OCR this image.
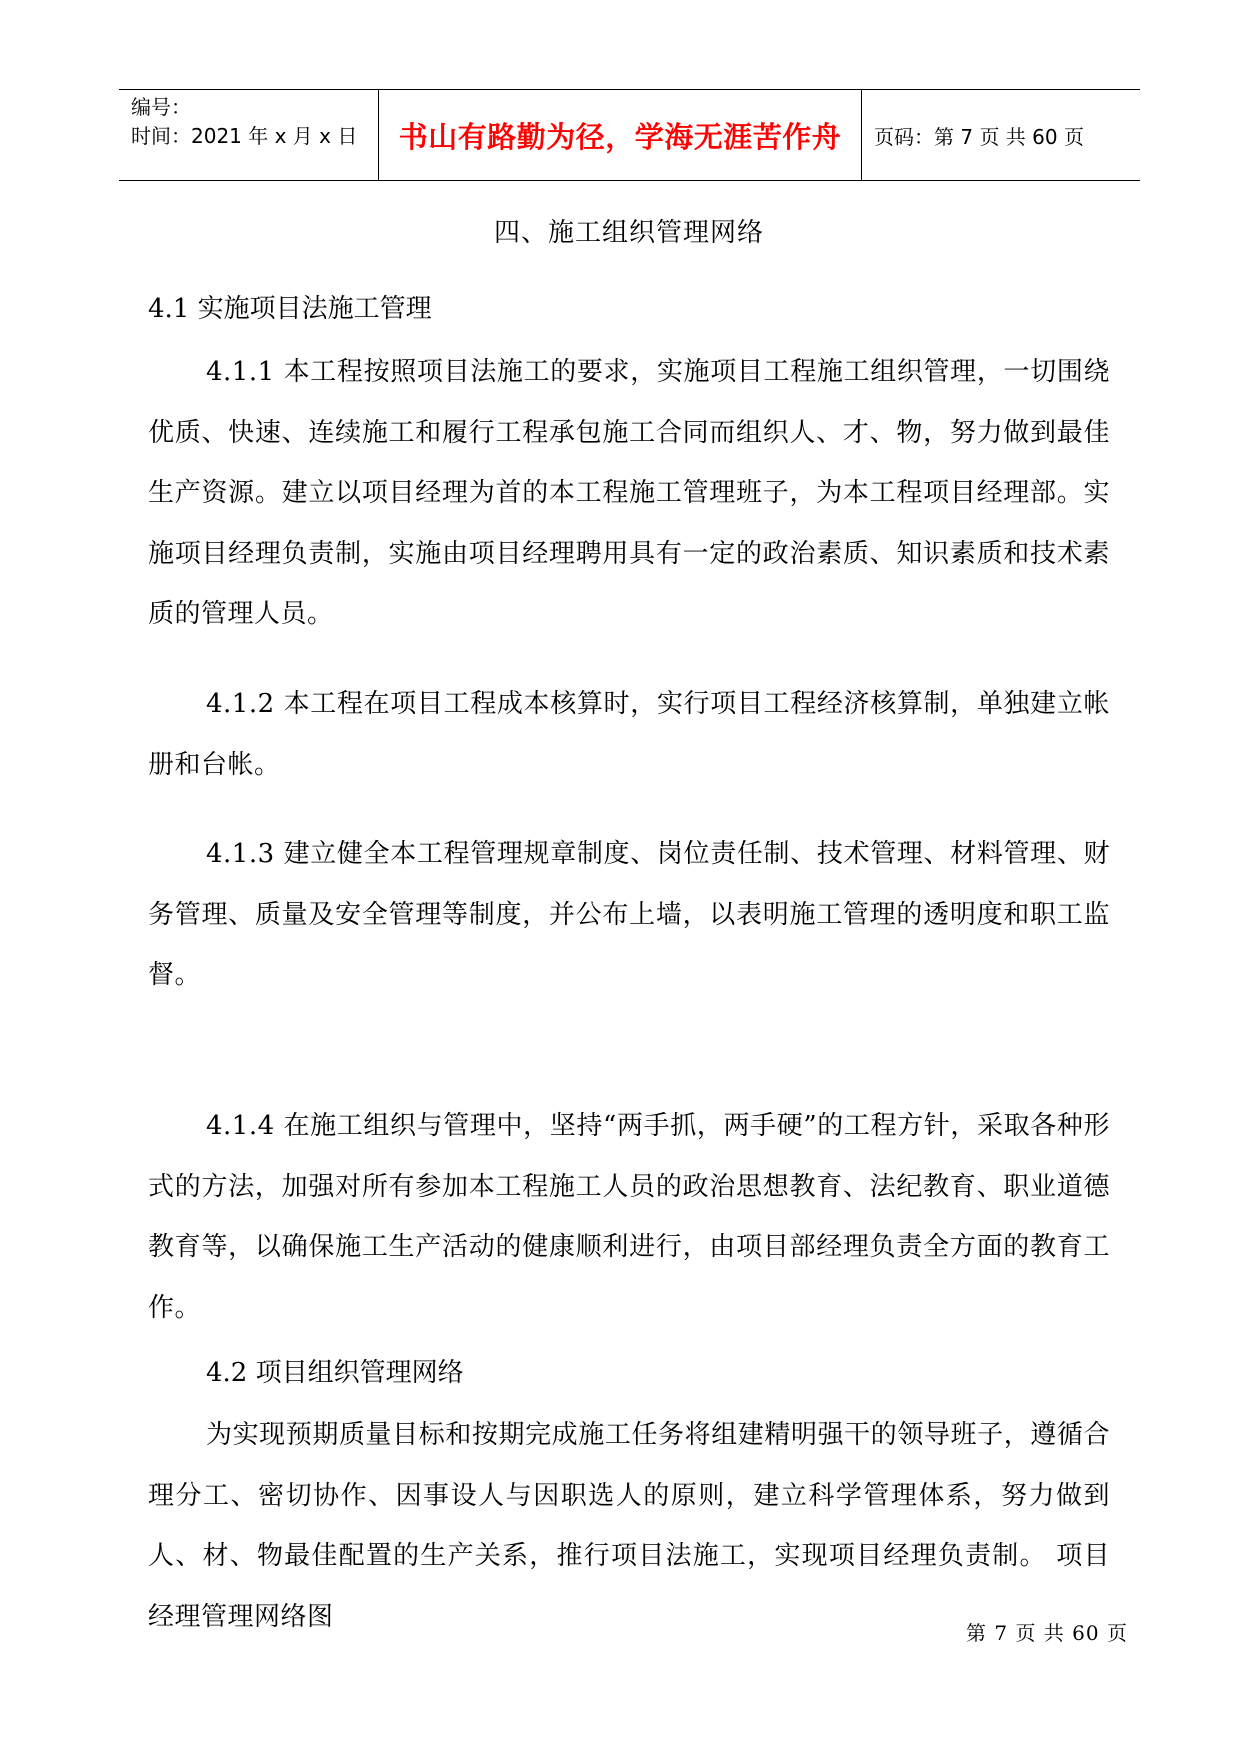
编号：
时间：2021 年 x 月 x 日 书山有路勤为径，学海无涯苦作舟 页码：第 7 页 共 60 页
四、施工组织管理网络
4.1 实施项目法施工管理
4.1.1 本工程按照项目法施工的要求，实施项目工程施工组织管理，一切围绕优质、快速、连续施工和履行工程承包施工合同而组织人、才、物，努力做到最佳生产资源。建立以项目经理为首的本工程施工管理班子，为本工程项目经理部。实施项目经理负责制，实施由项目经理聘用具有一定的政治素质、知识素质和技术素质的管理人员。
4.1.2 本工程在项目工程成本核算时，实行项目工程经济核算制，单独建立帐册和台帐。
4.1.3 建立健全本工程管理规章制度、岗位责任制、技术管理、材料管理、财务管理、质量及安全管理等制度，并公布上墙，以表明施工管理的透明度和职工监督。
4.1.4 在施工组织与管理中，坚持“两手抓，两手硬”的工程方针，采取各种形式的方法，加强对所有参加本工程施工人员的政治思想教育、法纪教育、职业道德教育等，以确保施工生产活动的健康顺利进行，由项目部经理负责全方面的教育工作。
4.2 项目组织管理网络
为实现预期质量目标和按期完成施工任务将组建精明强干的领导班子，遵循合理分工、密切协作、因事设人与因职选人的原则，建立科学管理体系，努力做到人、材、物最佳配置的生产关系，推行项目法施工，实现项目经理负责制。 项目经理管理网络图
第 7 页 共 60 页
